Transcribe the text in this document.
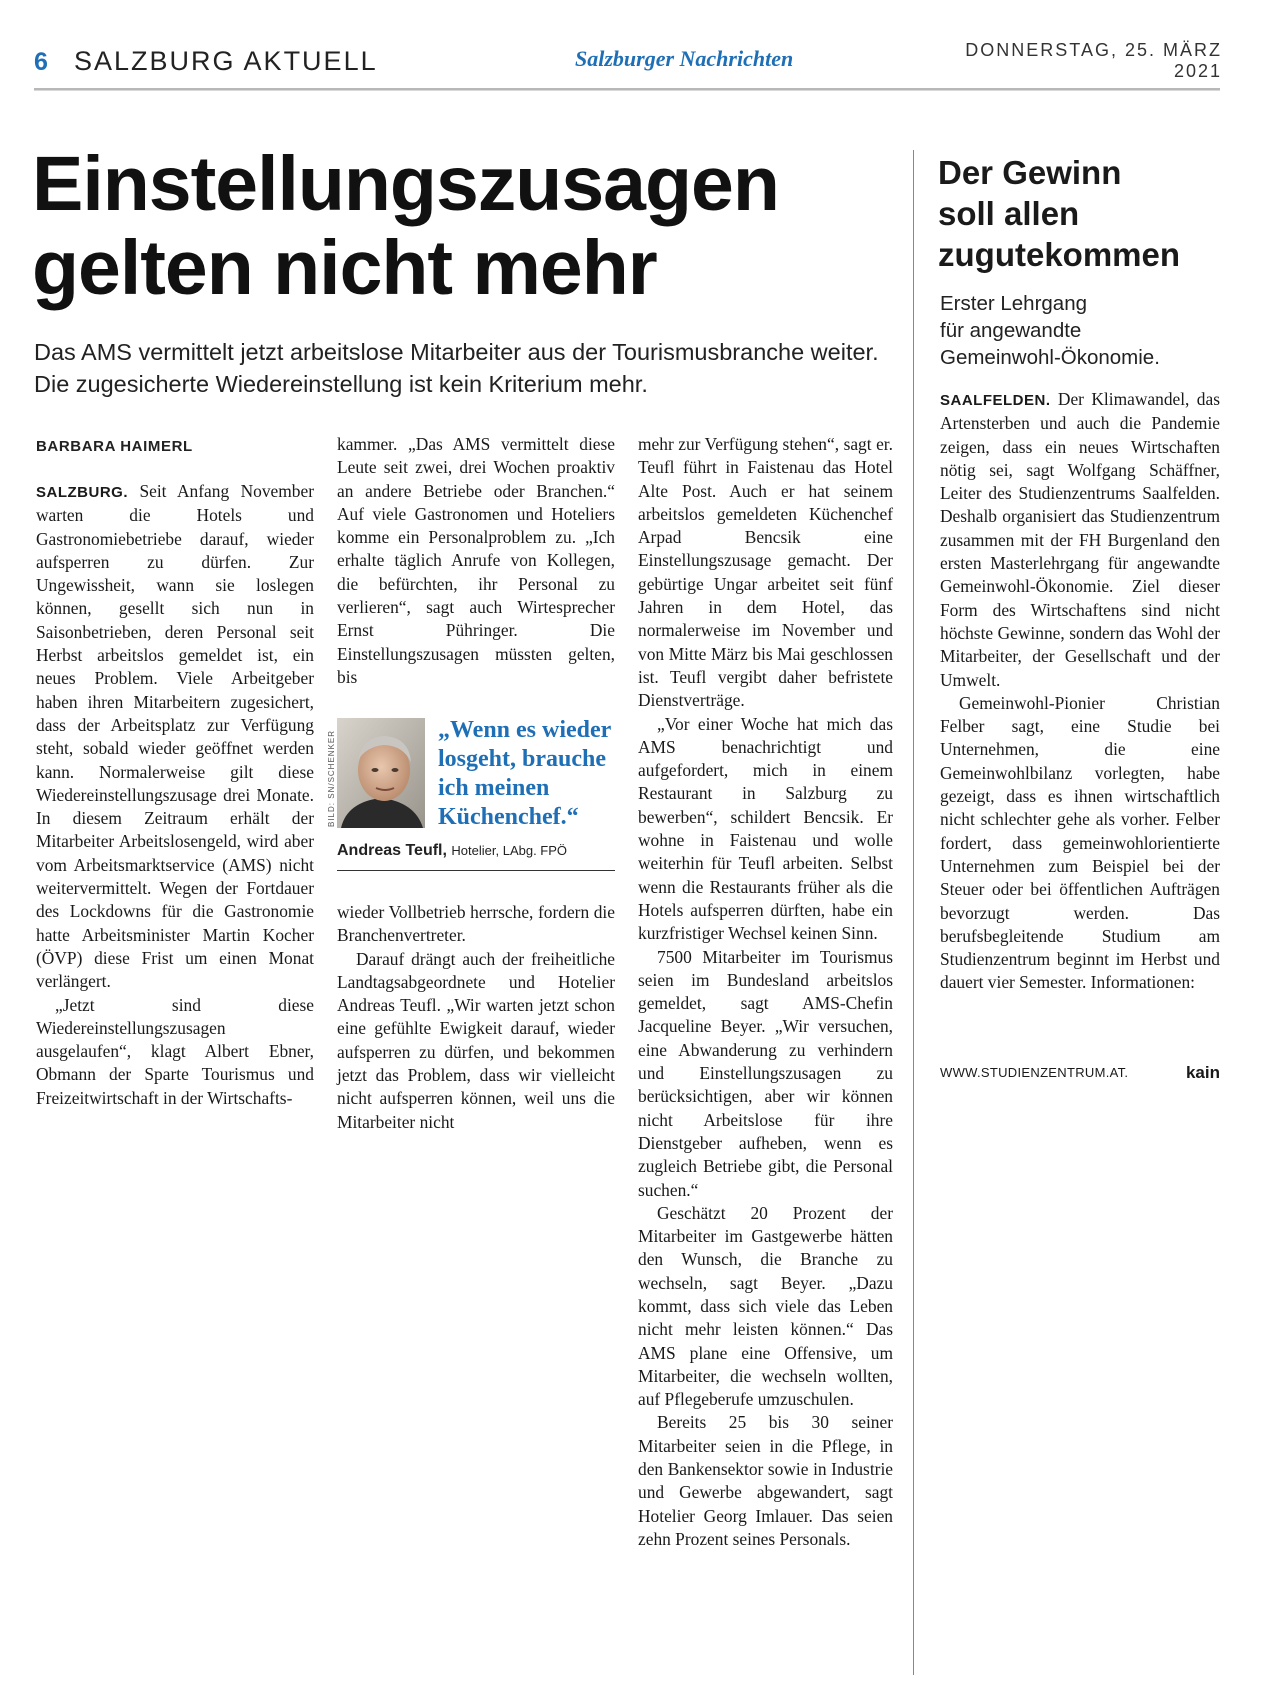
6 SALZBURG AKTUELL	Salzburger Nachrichten	DONNERSTAG, 25. MÄRZ 2021
Einstellungszusagen
gelten nicht mehr
Das AMS vermittelt jetzt arbeitslose Mitarbeiter aus der Tourismusbranche weiter. Die zugesicherte Wiedereinstellung ist kein Kriterium mehr.
Der Gewinn
soll allen
zugutekommen
Erster Lehrgang
für angewandte
Gemeinwohl-Ökonomie.
BARBARA HAIMERL

SALZBURG. Seit Anfang November warten die Hotels und Gastronomiebetriebe darauf, wieder aufsperren zu dürfen. Zur Ungewissheit, wann sie loslegen können, gesellt sich nun in Saisonbetrieben, deren Personal seit Herbst arbeitslos gemeldet ist, ein neues Problem. Viele Arbeitgeber haben ihren Mitarbeitern zugesichert, dass der Arbeitsplatz zur Verfügung steht, sobald wieder geöffnet werden kann. Normalerweise gilt diese Wiedereinstellungszusage drei Monate. In diesem Zeitraum erhält der Mitarbeiter Arbeitslosengeld, wird aber vom Arbeitsmarktservice (AMS) nicht weitervermittelt. Wegen der Fortdauer des Lockdowns für die Gastronomie hatte Arbeitsminister Martin Kocher (ÖVP) diese Frist um einen Monat verlängert.

„Jetzt sind diese Wiedereinstellungszusagen ausgelaufen“, klagt Albert Ebner, Obmann der Sparte Tourismus und Freizeitwirtschaft in der Wirtschafts-

kammer. „Das AMS vermittelt diese Leute seit zwei, drei Wochen proaktiv an andere Betriebe oder Branchen.“ Auf viele Gastronomen und Hoteliers komme ein Personalproblem zu. „Ich erhalte täglich Anrufe von Kollegen, die befürchten, ihr Personal zu verlieren“, sagt auch Wirtesprecher Ernst Pühringer. Die Einstellungszusagen müssten gelten, bis

BILD: SN/SCHENKER	„Wenn es wieder losgeht, brauche ich meinen Küchenchef.“
Andreas Teufl, Hotelier, LAbg. FPÖ

wieder Vollbetrieb herrsche, fordern die Branchenvertreter.

Darauf drängt auch der freiheitliche Landtagsabgeordnete und Hotelier Andreas Teufl. „Wir warten jetzt schon eine gefühlte Ewigkeit darauf, wieder aufsperren zu dürfen, und bekommen jetzt das Problem, dass wir vielleicht nicht aufsperren können, weil uns die Mitarbeiter nicht

mehr zur Verfügung stehen“, sagt er. Teufl führt in Faistenau das Hotel Alte Post. Auch er hat seinem arbeitslos gemeldeten Küchenchef Arpad Bencsik eine Einstellungszusage gemacht. Der gebürtige Ungar arbeitet seit fünf Jahren in dem Hotel, das normalerweise im November und von Mitte März bis Mai geschlossen ist. Teufl vergibt daher befristete Dienstverträge.

„Vor einer Woche hat mich das AMS benachrichtigt und aufgefordert, mich in einem Restaurant in Salzburg zu bewerben“, schildert Bencsik. Er wohne in Faistenau und wolle weiterhin für Teufl arbeiten. Selbst wenn die Restaurants früher als die Hotels aufsperren dürften, habe ein kurzfristiger Wechsel keinen Sinn.

7500 Mitarbeiter im Tourismus seien im Bundesland arbeitslos gemeldet, sagt AMS-Chefin Jacqueline Beyer. „Wir versuchen, eine Abwanderung zu verhindern und Einstellungszusagen zu berücksichtigen, aber wir können nicht Arbeitslose für ihre Dienstgeber aufheben, wenn es zugleich Betriebe gibt, die Personal suchen.“

Geschätzt 20 Prozent der Mitarbeiter im Gastgewerbe hätten den Wunsch, die Branche zu wechseln, sagt Beyer. „Dazu kommt, dass sich viele das Leben nicht mehr leisten können.“ Das AMS plane eine Offensive, um Mitarbeiter, die wechseln wollten, auf Pflegeberufe umzuschulen.

Bereits 25 bis 30 seiner Mitarbeiter seien in die Pflege, in den Bankensektor sowie in Industrie und Gewerbe abgewandert, sagt Hotelier Georg Imlauer. Das seien zehn Prozent seines Personals.

SAALFELDEN. Der Klimawandel, das Artensterben und auch die Pandemie zeigen, dass ein neues Wirtschaften nötig sei, sagt Wolfgang Schäffner, Leiter des Studienzentrums Saalfelden. Deshalb organisiert das Studienzentrum zusammen mit der FH Burgenland den ersten Masterlehrgang für angewandte Gemeinwohl-Ökonomie. Ziel dieser Form des Wirtschaftens sind nicht höchste Gewinne, sondern das Wohl der Mitarbeiter, der Gesellschaft und der Umwelt.

Gemeinwohl-Pionier Christian Felber sagt, eine Studie bei Unternehmen, die eine Gemeinwohlbilanz vorlegten, habe gezeigt, dass es ihnen wirtschaftlich nicht schlechter gehe als vorher. Felber fordert, dass gemeinwohlorientierte Unternehmen zum Beispiel bei der Steuer oder bei öffentlichen Aufträgen bevorzugt werden. Das berufsbegleitende Studium am Studienzentrum beginnt im Herbst und dauert vier Semester. Informationen:

WWW.STUDIENZENTRUM.AT.	kain
